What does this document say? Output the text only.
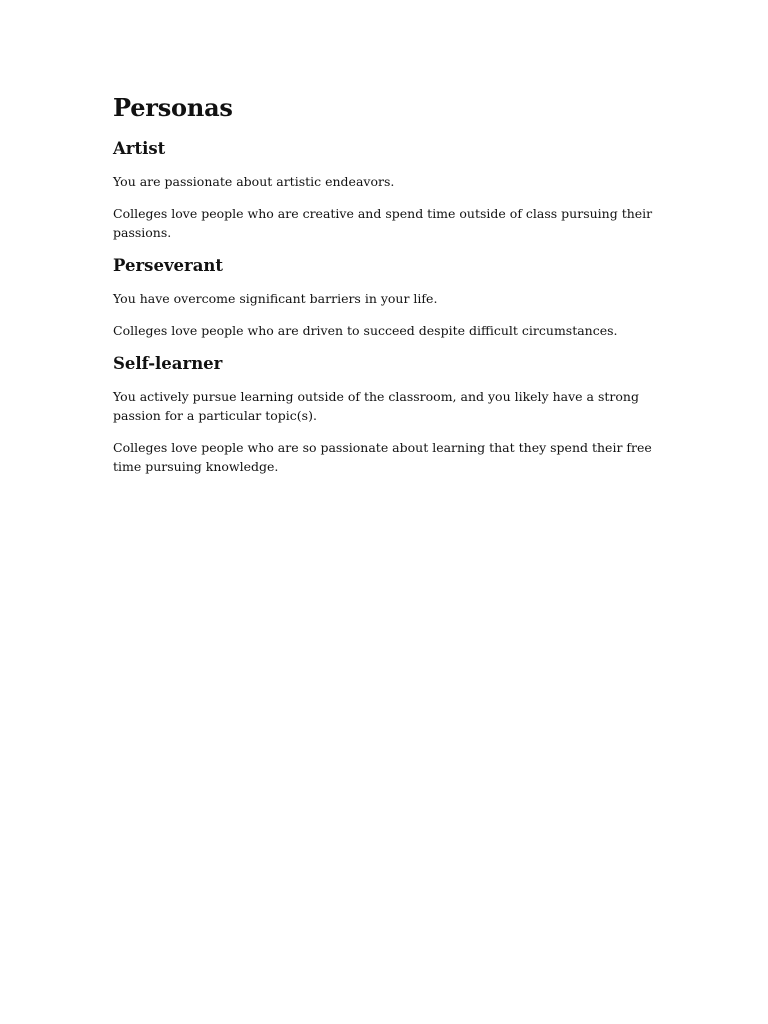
Personas
Artist

You are passionate about artistic endeavors.

Colleges love people who are creative and spend time outside of class pursuing their passions.

Perseverant

You have overcome significant barriers in your life.

Colleges love people who are driven to succeed despite difficult circumstances.

Self-learner

You actively pursue learning outside of the classroom, and you likely have a strong passion for a particular topic(s).

Colleges love people who are so passionate about learning that they spend their free time pursuing knowledge.
